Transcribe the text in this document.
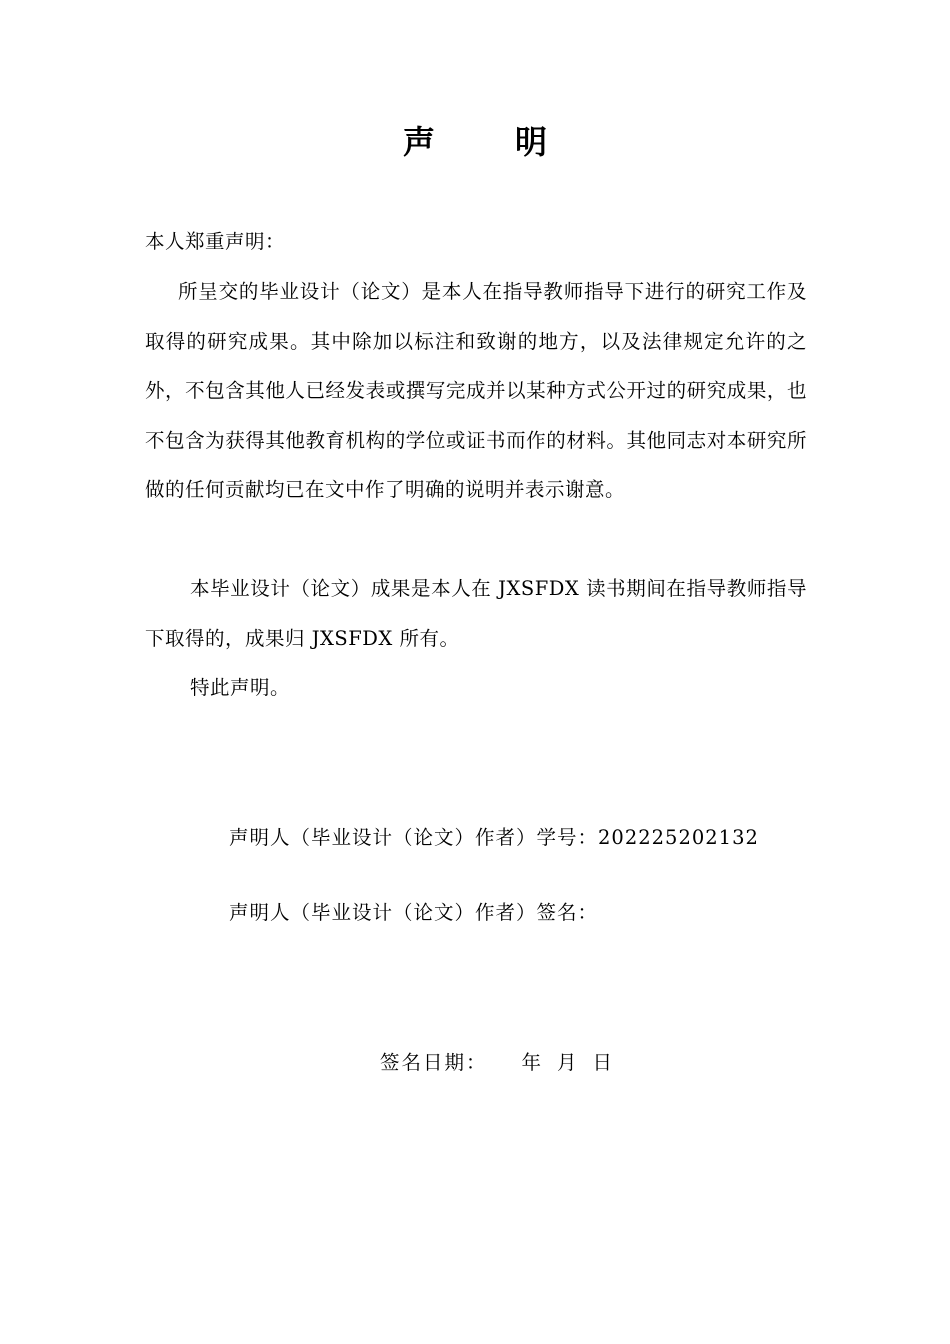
声明
本人郑重声明：
所呈交的毕业设计（论文）是本人在指导教师指导下进行的研究工作及取得的研究成果。其中除加以标注和致谢的地方，以及法律规定允许的之外，不包含其他人已经发表或撰写完成并以某种方式公开过的研究成果，也不包含为获得其他教育机构的学位或证书而作的材料。其他同志对本研究所做的任何贡献均已在文中作了明确的说明并表示谢意。
本毕业设计（论文）成果是本人在 JXSFDX 读书期间在指导教师指导下取得的，成果归 JXSFDX 所有。
特此声明。
声明人（毕业设计（论文）作者）学号：202225202132
声明人（毕业设计（论文）作者）签名：
签名日期： 年 月 日
